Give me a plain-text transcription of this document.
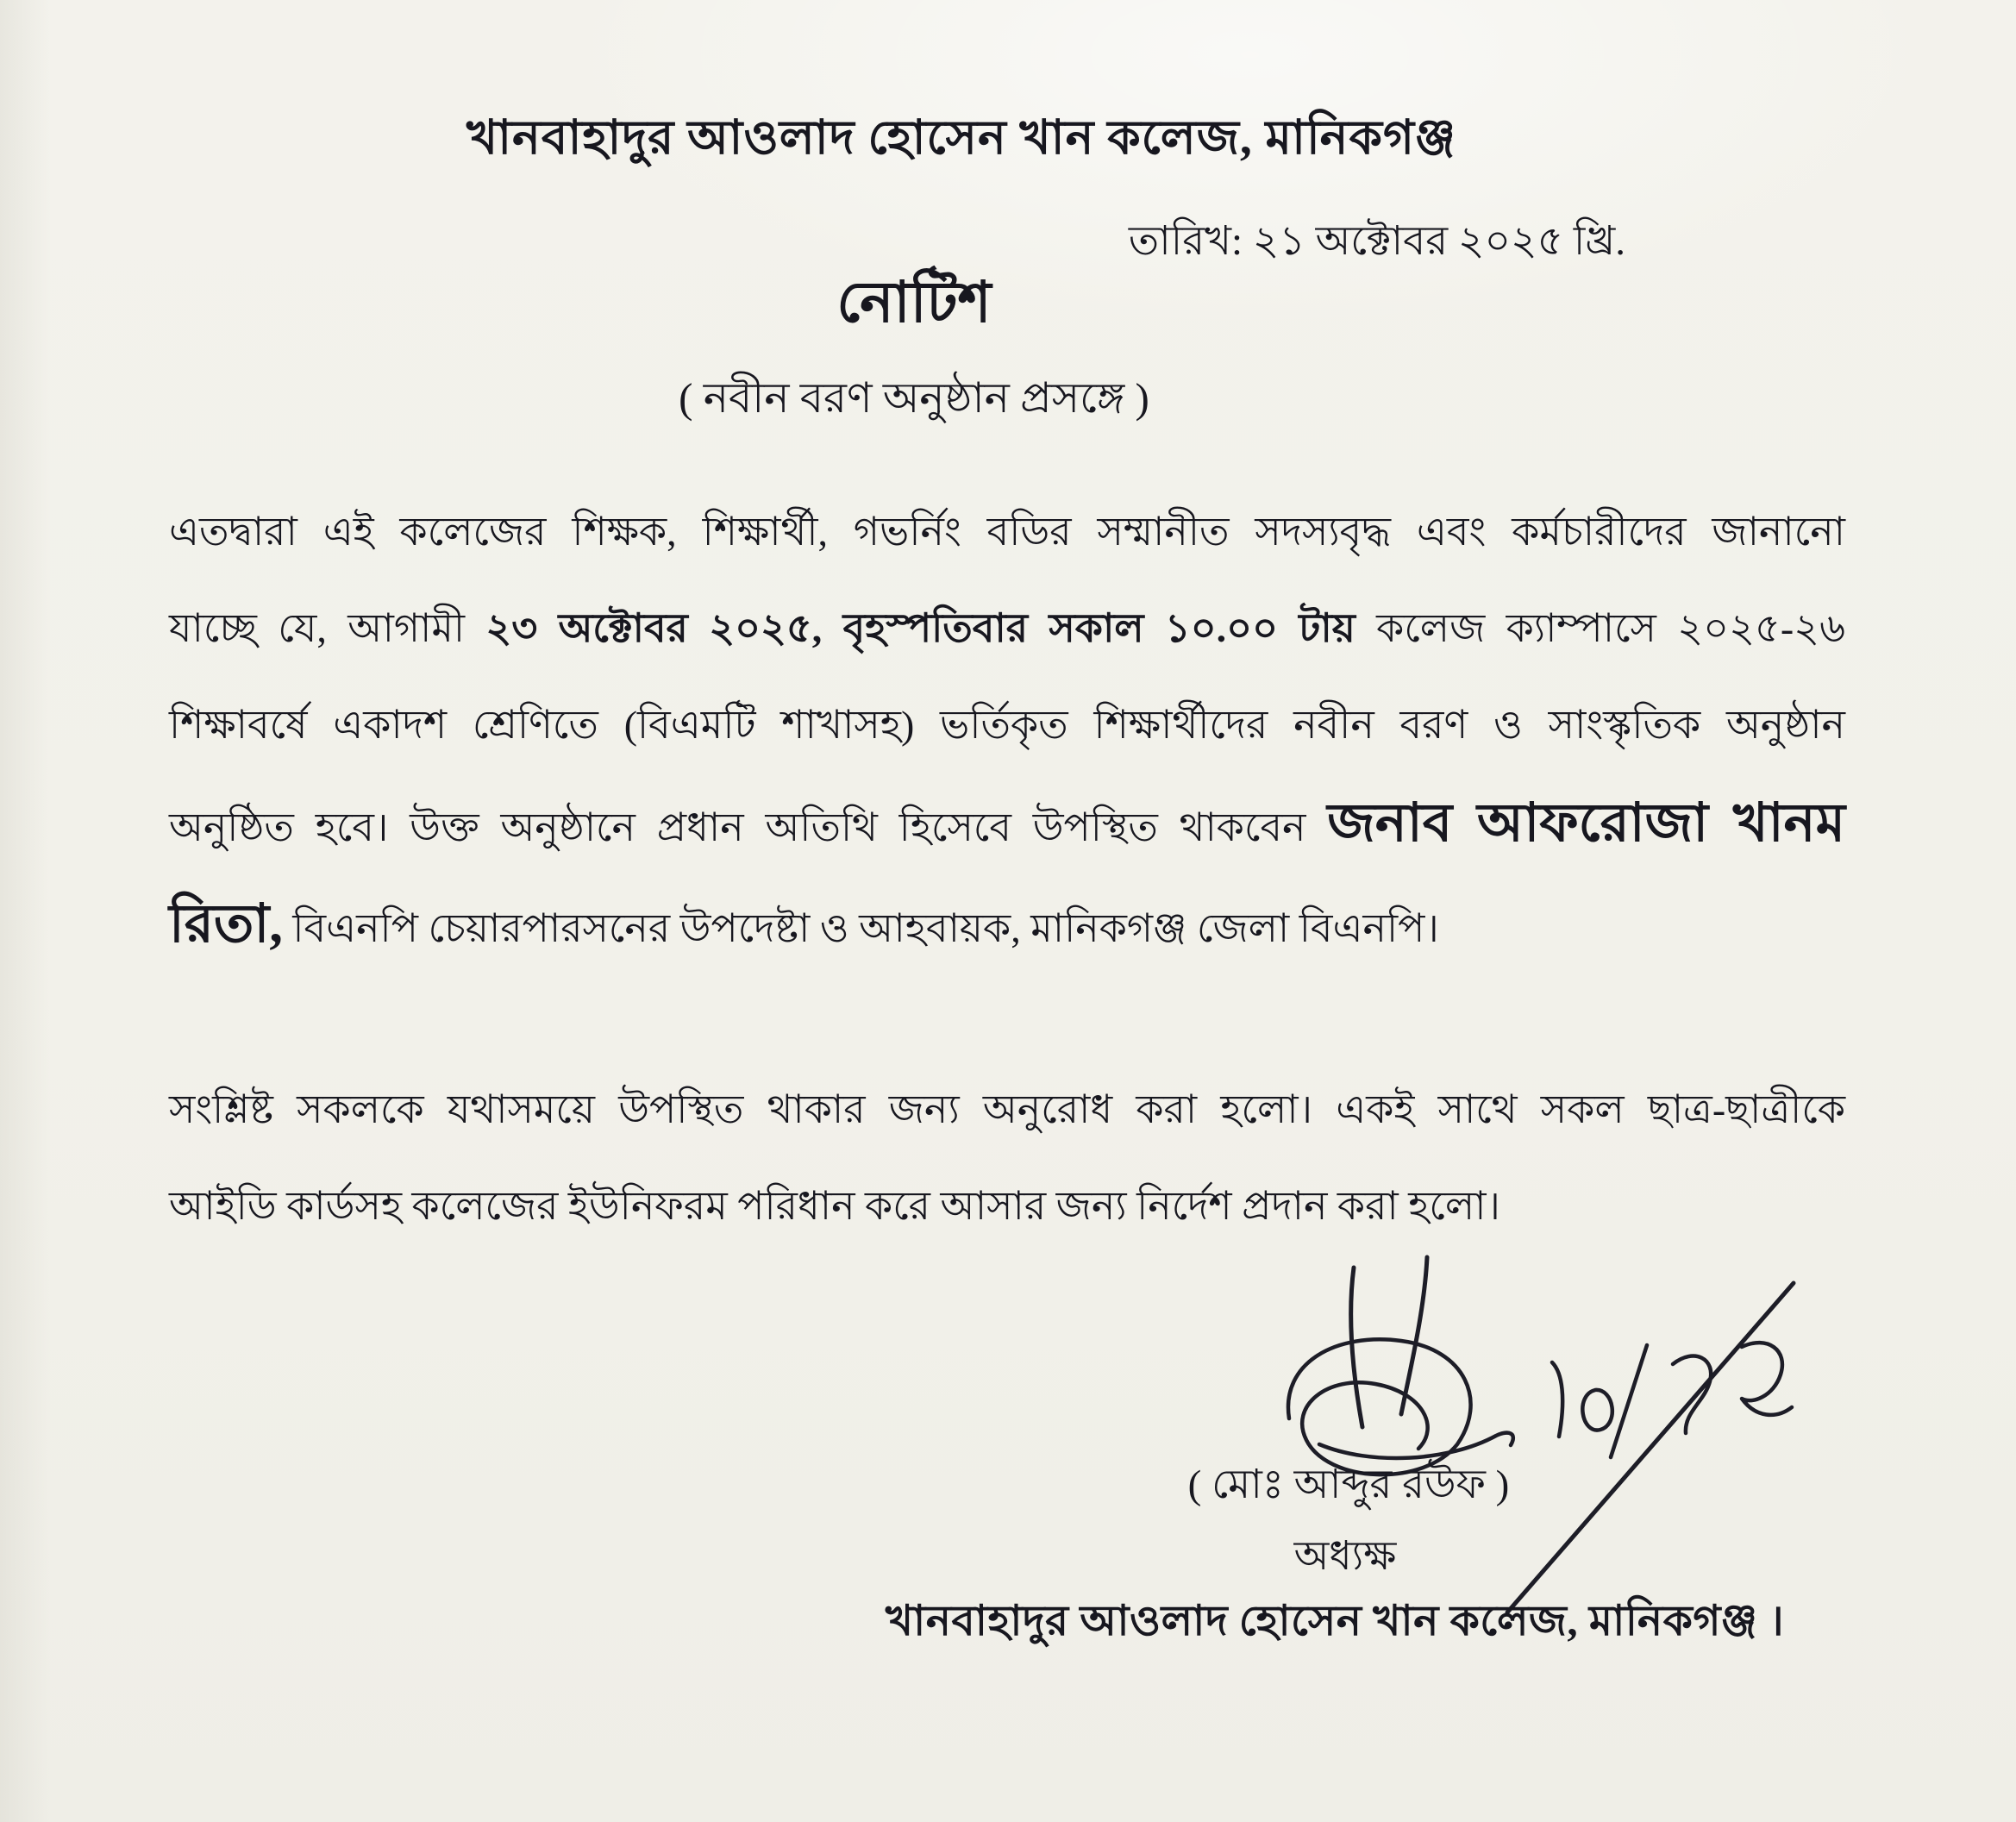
খানবাহাদুর আওলাদ হোসেন খান কলেজ, মানিকগঞ্জ
তারিখ: ২১ অক্টোবর ২০২৫ খ্রি.
নোটিশ
( নবীন বরণ অনুষ্ঠান প্রসঙ্গে )
এতদ্বারা এই কলেজের শিক্ষক, শিক্ষার্থী, গভর্নিং বডির সম্মানীত সদস্যবৃদ্ধ এবং কর্মচারীদের জানানো
যাচ্ছে যে, আগামী ২৩ অক্টোবর ২০২৫, বৃহস্পতিবার সকাল ১০.০০ টায় কলেজ ক্যাম্পাসে ২০২৫-২৬
শিক্ষাবর্ষে একাদশ শ্রেণিতে (বিএমটি শাখাসহ) ভর্তিকৃত শিক্ষার্থীদের নবীন বরণ ও সাংস্কৃতিক অনুষ্ঠান
অনুষ্ঠিত হবে। উক্ত অনুষ্ঠানে প্রধান অতিথি হিসেবে উপস্থিত থাকবেন জনাব আফরোজা খানম
রিতা, বিএনপি চেয়ারপারসনের উপদেষ্টা ও আহবায়ক, মানিকগঞ্জ জেলা বিএনপি।
সংশ্লিষ্ট সকলকে যথাসময়ে উপস্থিত থাকার জন্য অনুরোধ করা হলো। একই সাথে সকল ছাত্র-ছাত্রীকে
আইডি কার্ডসহ কলেজের ইউনিফরম পরিধান করে আসার জন্য নির্দেশ প্রদান করা হলো।
( মোঃ আব্দুর রউফ )
অধ্যক্ষ
খানবাহাদুর আওলাদ হোসেন খান কলেজ, মানিকগঞ্জ ।
